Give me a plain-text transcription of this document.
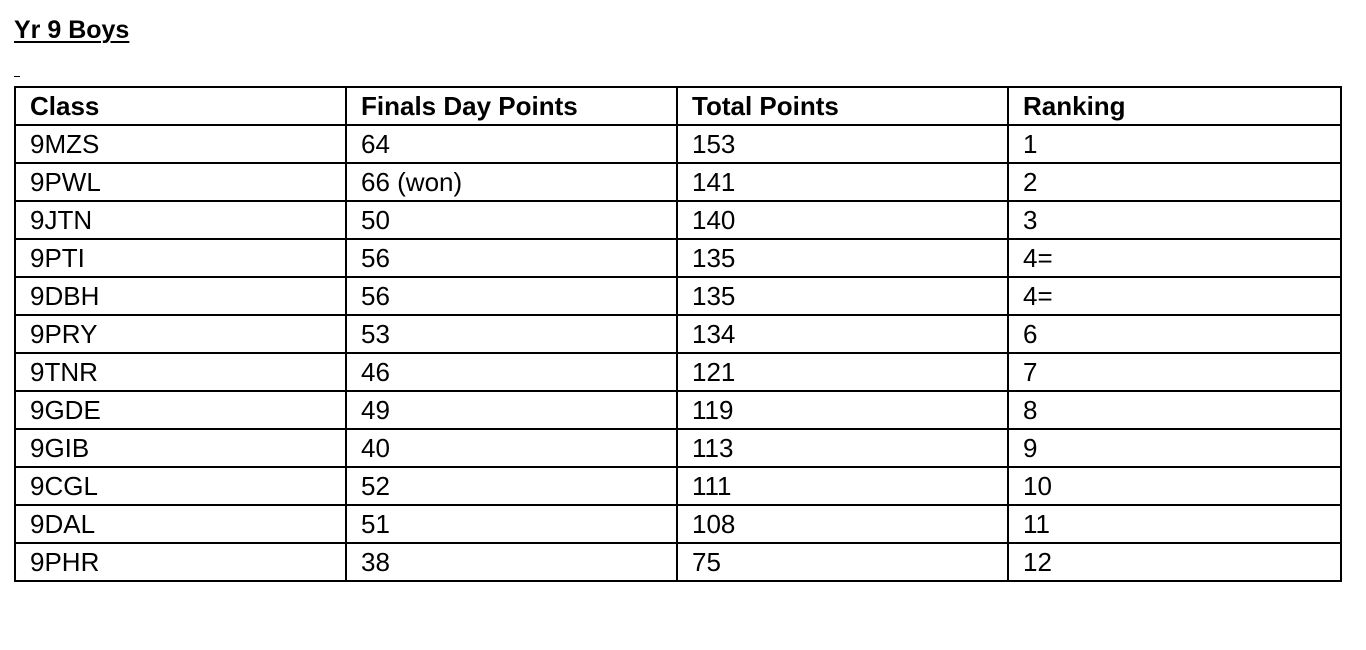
Yr 9 Boys
Class	Finals Day Points	Total Points	Ranking
9MZS	64	153	1
9PWL	66 (won)	141	2
9JTN	50	140	3
9PTI	56	135	4=
9DBH	56	135	4=
9PRY	53	134	6
9TNR	46	121	7
9GDE	49	119	8
9GIB	40	113	9
9CGL	52	111	10
9DAL	51	108	11
9PHR	38	75	12
